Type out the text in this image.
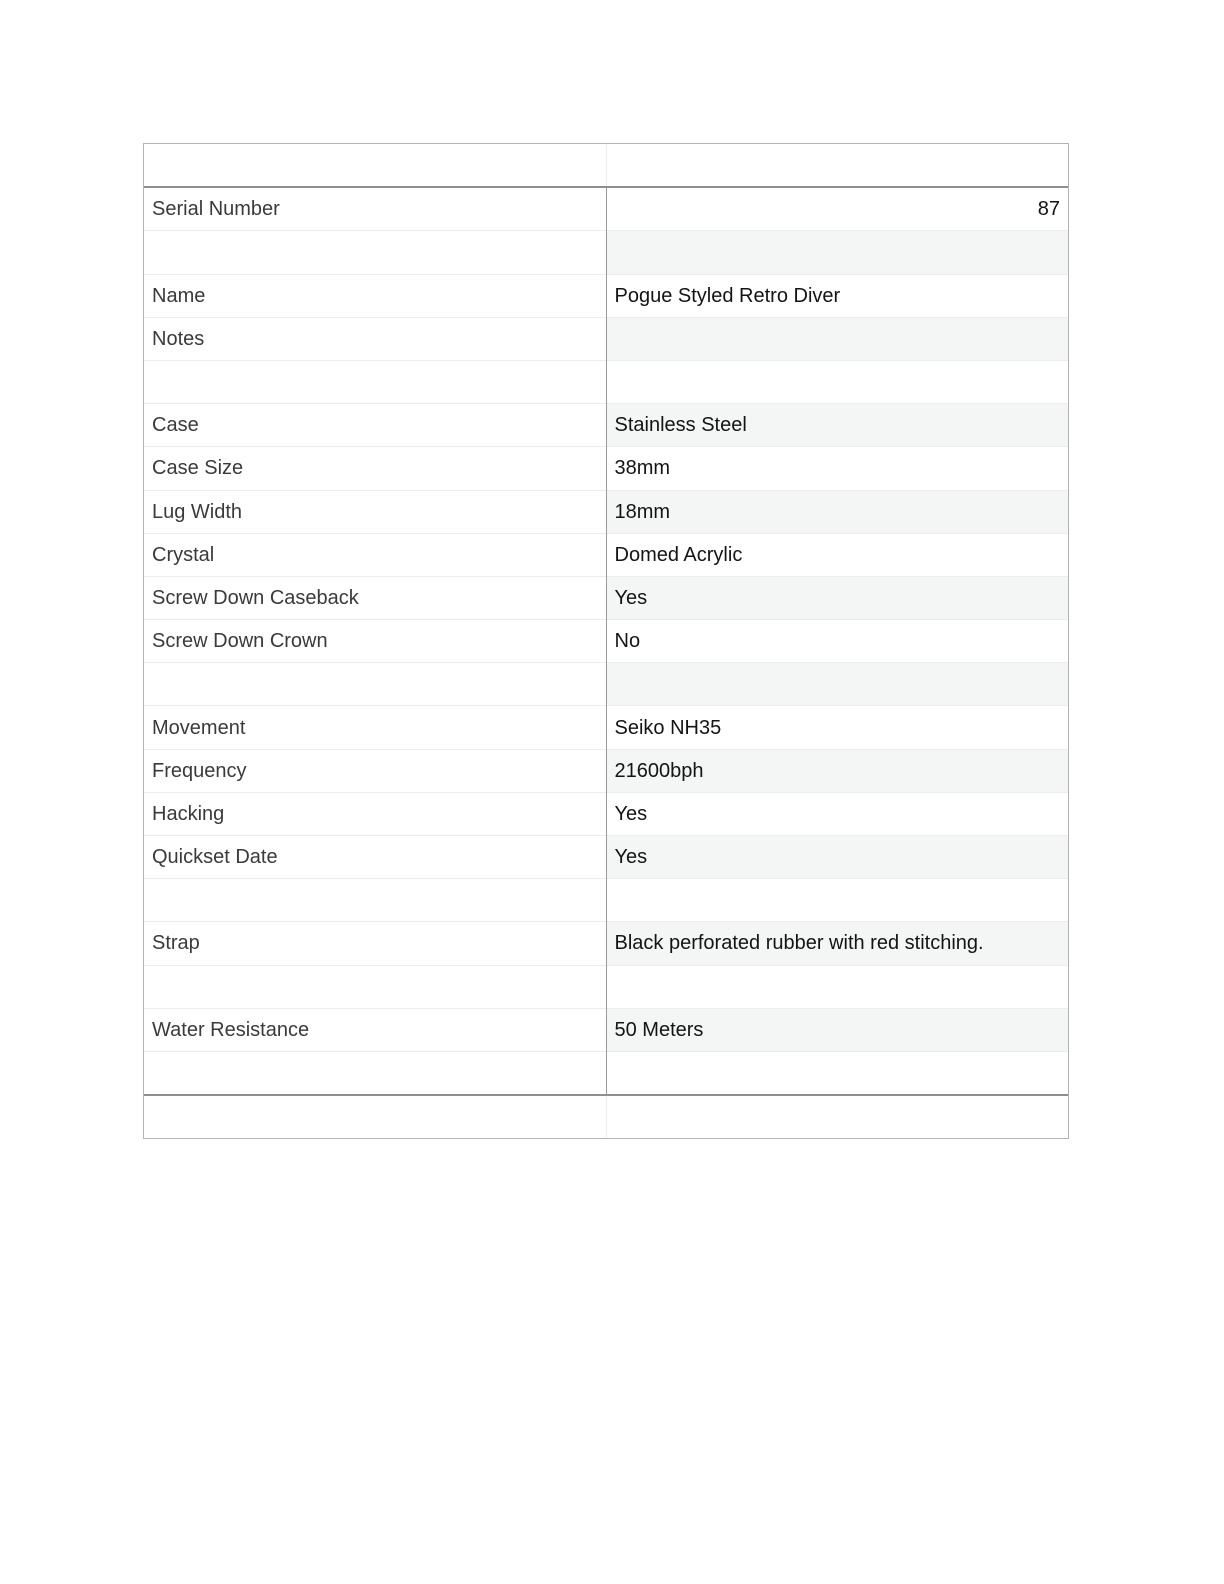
Serial Number	87

Name	Pogue Styled Retro Diver
Notes	

Case	Stainless Steel
Case Size	38mm
Lug Width	18mm
Crystal	Domed Acrylic
Screw Down Caseback	Yes
Screw Down Crown	No

Movement	Seiko NH35
Frequency	21600bph
Hacking	Yes
Quickset Date	Yes

Strap	Black perforated rubber with red stitching.

Water Resistance	50 Meters
